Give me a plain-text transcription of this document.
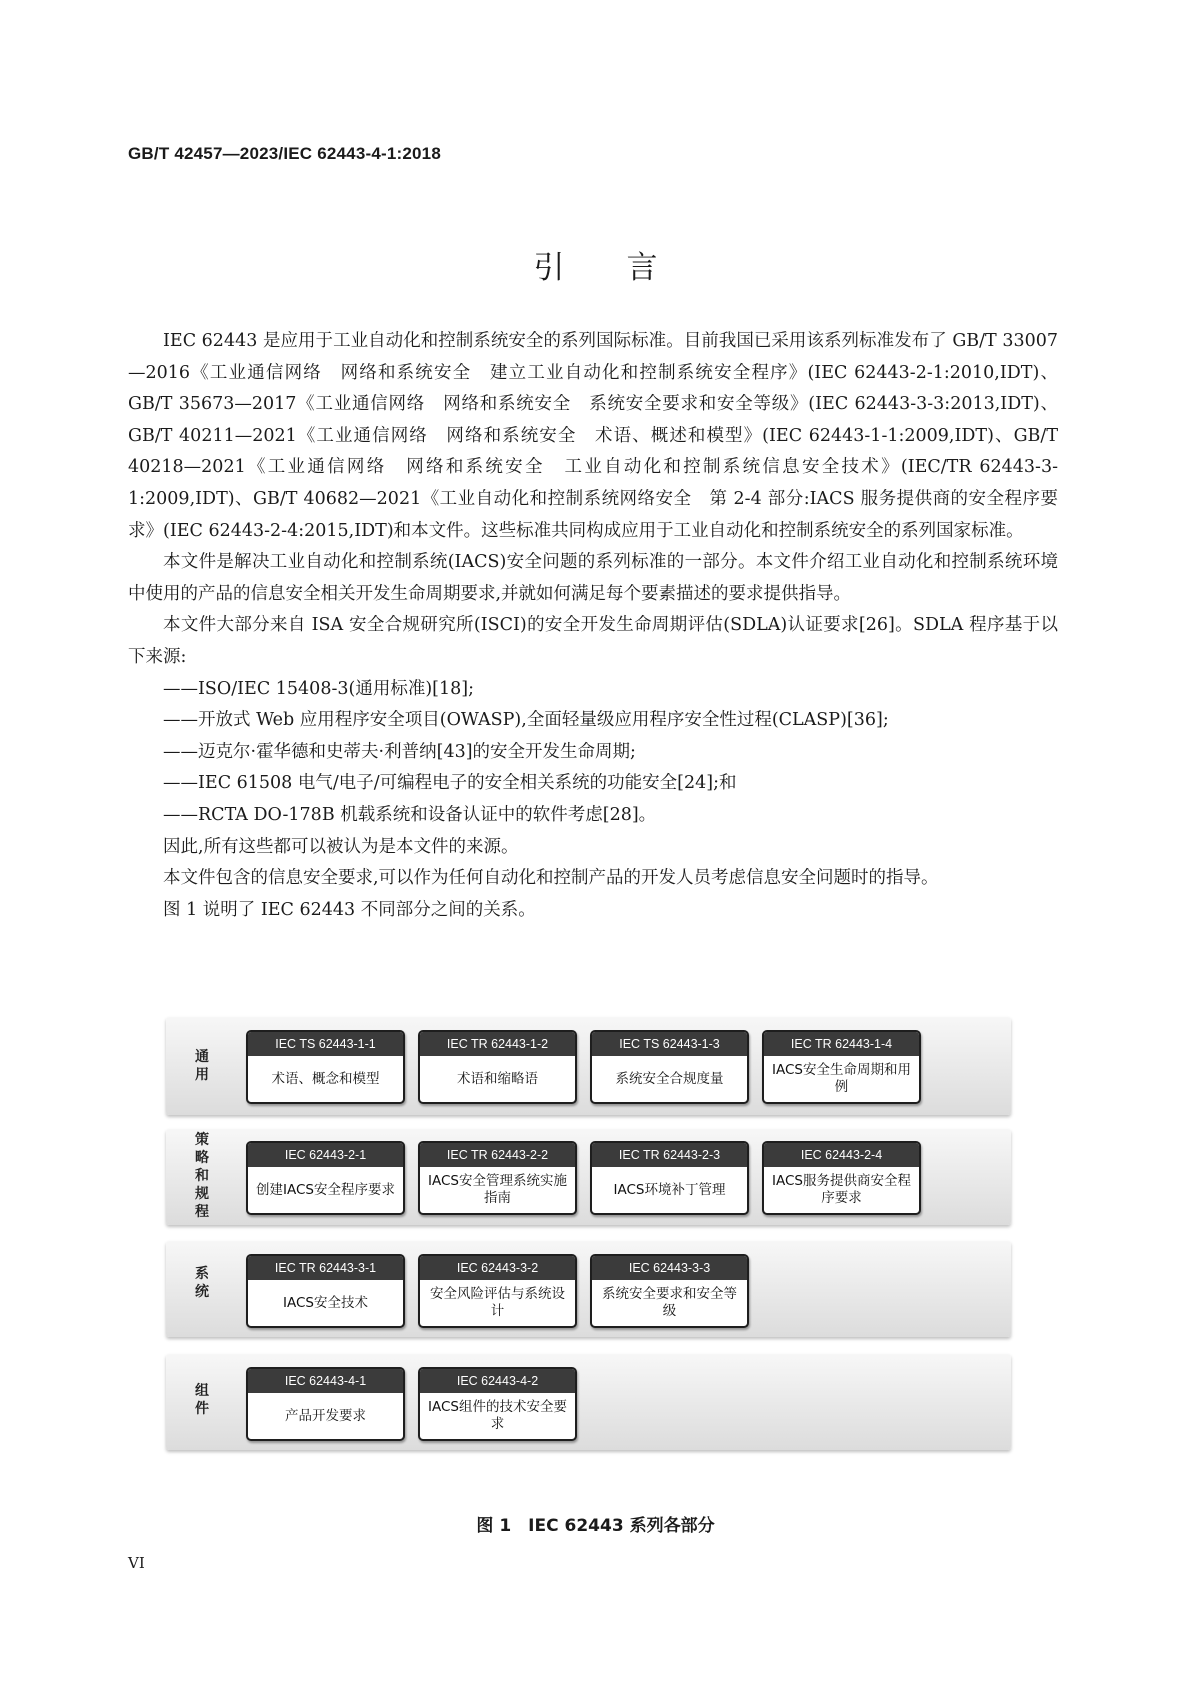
GB/T 42457—2023/IEC 62443-4-1:2018
引言

IEC 62443 是应用于工业自动化和控制系统安全的系列国际标准。目前我国已采用该系列标准发布了 GB/T 33007—2016《工业通信网络　网络和系统安全　建立工业自动化和控制系统安全程序》(IEC 62443-2-1:2010,IDT)、GB/T 35673—2017《工业通信网络　网络和系统安全　系统安全要求和安全等级》(IEC 62443-3-3:2013,IDT)、GB/T 40211—2021《工业通信网络　网络和系统安全　术语、概述和模型》(IEC 62443-1-1:2009,IDT)、GB/T 40218—2021《工业通信网络　网络和系统安全　工业自动化和控制系统信息安全技术》(IEC/TR 62443-3-1:2009,IDT)、GB/T 40682—2021《工业自动化和控制系统网络安全　第 2-4 部分:IACS 服务提供商的安全程序要求》(IEC 62443-2-4:2015,IDT)和本文件。这些标准共同构成应用于工业自动化和控制系统安全的系列国家标准。

本文件是解决工业自动化和控制系统(IACS)安全问题的系列标准的一部分。本文件介绍工业自动化和控制系统环境中使用的产品的信息安全相关开发生命周期要求,并就如何满足每个要素描述的要求提供指导。

本文件大部分来自 ISA 安全合规研究所(ISCI)的安全开发生命周期评估(SDLA)认证要求[26]。SDLA 程序基于以下来源:

——ISO/IEC 15408-3(通用标准)[18];

——开放式 Web 应用程序安全项目(OWASP),全面轻量级应用程序安全性过程(CLASP)[36];

——迈克尔·霍华德和史蒂夫·利普纳[43]的安全开发生命周期;

——IEC 61508 电气/电子/可编程电子的安全相关系统的功能安全[24];和

——RCTA DO-178B 机载系统和设备认证中的软件考虑[28]。

因此,所有这些都可以被认为是本文件的来源。

本文件包含的信息安全要求,可以作为任何自动化和控制产品的开发人员考虑信息安全问题时的指导。

图 1 说明了 IEC 62443 不同部分之间的关系。

通
用
IEC TS 62443-1-1
术语、概念和模型
IEC TR 62443-1-2
术语和缩略语
IEC TS 62443-1-3
系统安全合规度量
IEC TR 62443-1-4
IACS安全生命周期和用例
策
略
和
规
程
IEC 62443-2-1
创建IACS安全程序要求
IEC TR 62443-2-2
IACS安全管理系统实施指南
IEC TR 62443-2-3
IACS环境补丁管理
IEC 62443-2-4
IACS服务提供商安全程序要求
系
统
IEC TR 62443-3-1
IACS安全技术
IEC 62443-3-2
安全风险评估与系统设计
IEC 62443-3-3
系统安全要求和安全等级
组
件
IEC 62443-4-1
产品开发要求
IEC 62443-4-2
IACS组件的技术安全要求
图 1　IEC 62443 系列各部分
VI
